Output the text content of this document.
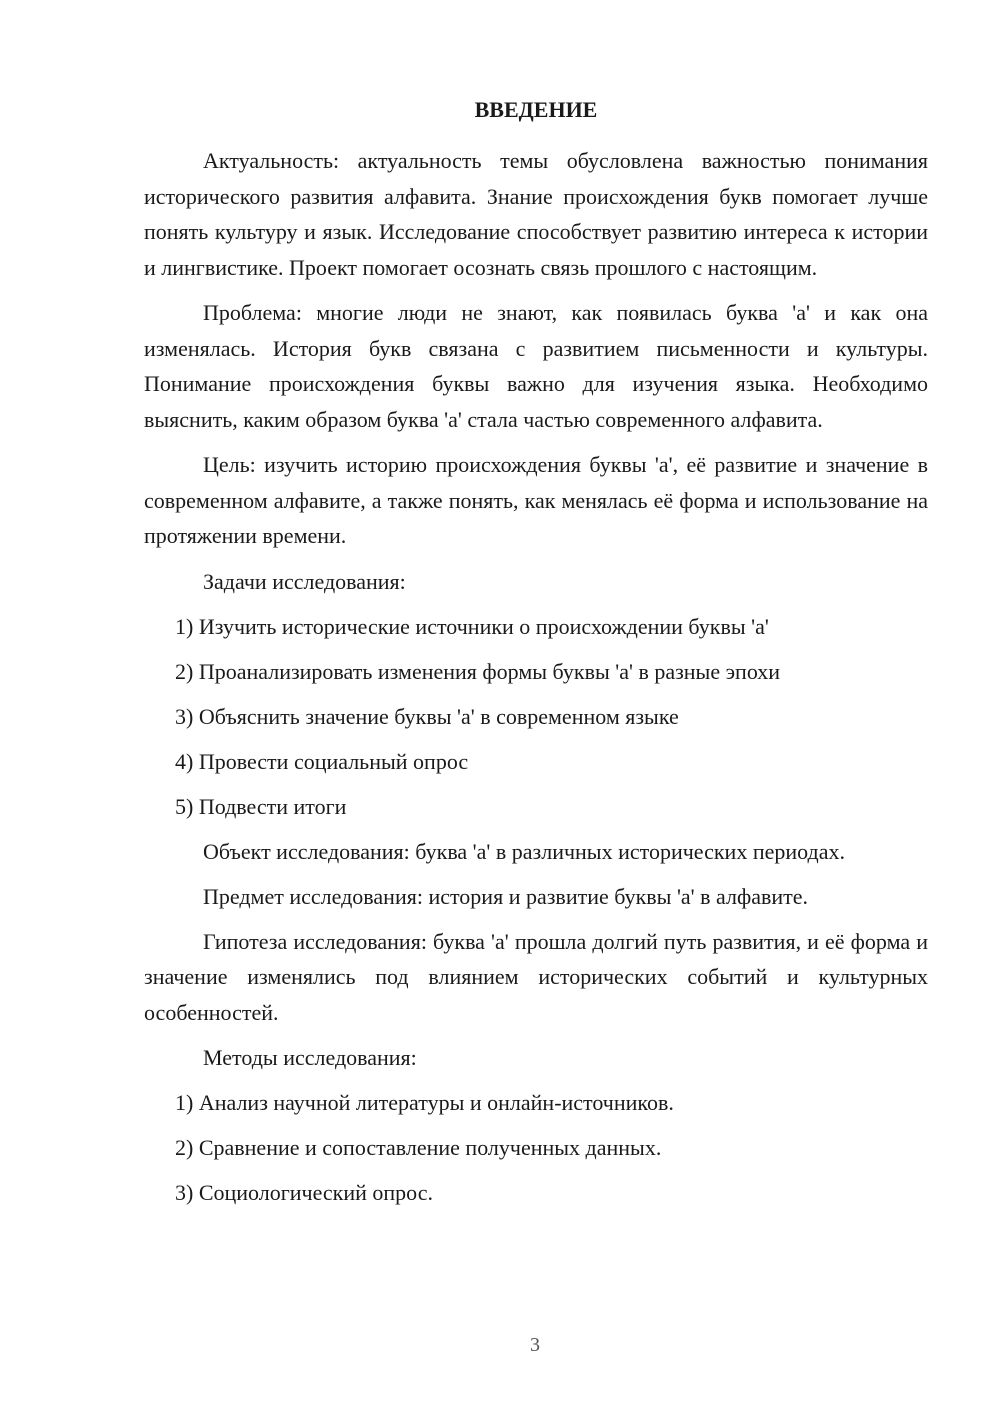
ВВЕДЕНИЕ

Актуальность: актуальность темы обусловлена важностью понимания исторического развития алфавита. Знание происхождения букв помогает лучше понять культуру и язык. Исследование способствует развитию интереса к истории и лингвистике. Проект помогает осознать связь прошлого с настоящим.

Проблема: многие люди не знают, как появилась буква 'а' и как она изменялась. История букв связана с развитием письменности и культуры. Понимание происхождения буквы важно для изучения языка. Необходимо выяснить, каким образом буква 'а' стала частью современного алфавита.

Цель: изучить историю происхождения буквы 'а', её развитие и значение в современном алфавите, а также понять, как менялась её форма и использование на протяжении времени.

Задачи исследования:
1) Изучить исторические источники о происхождении буквы 'а'
2) Проанализировать изменения формы буквы 'а' в разные эпохи
3) Объяснить значение буквы 'а' в современном языке
4) Провести социальный опрос
5) Подвести итоги
Объект исследования: буква 'а' в различных исторических периодах.
Предмет исследования: история и развитие буквы 'а' в алфавите.

Гипотеза исследования: буква 'а' прошла долгий путь развития, и её форма и значение изменялись под влиянием исторических событий и культурных особенностей.

Методы исследования:
1) Анализ научной литературы и онлайн-источников.
2) Сравнение и сопоставление полученных данных.
3) Социологический опрос.
3
